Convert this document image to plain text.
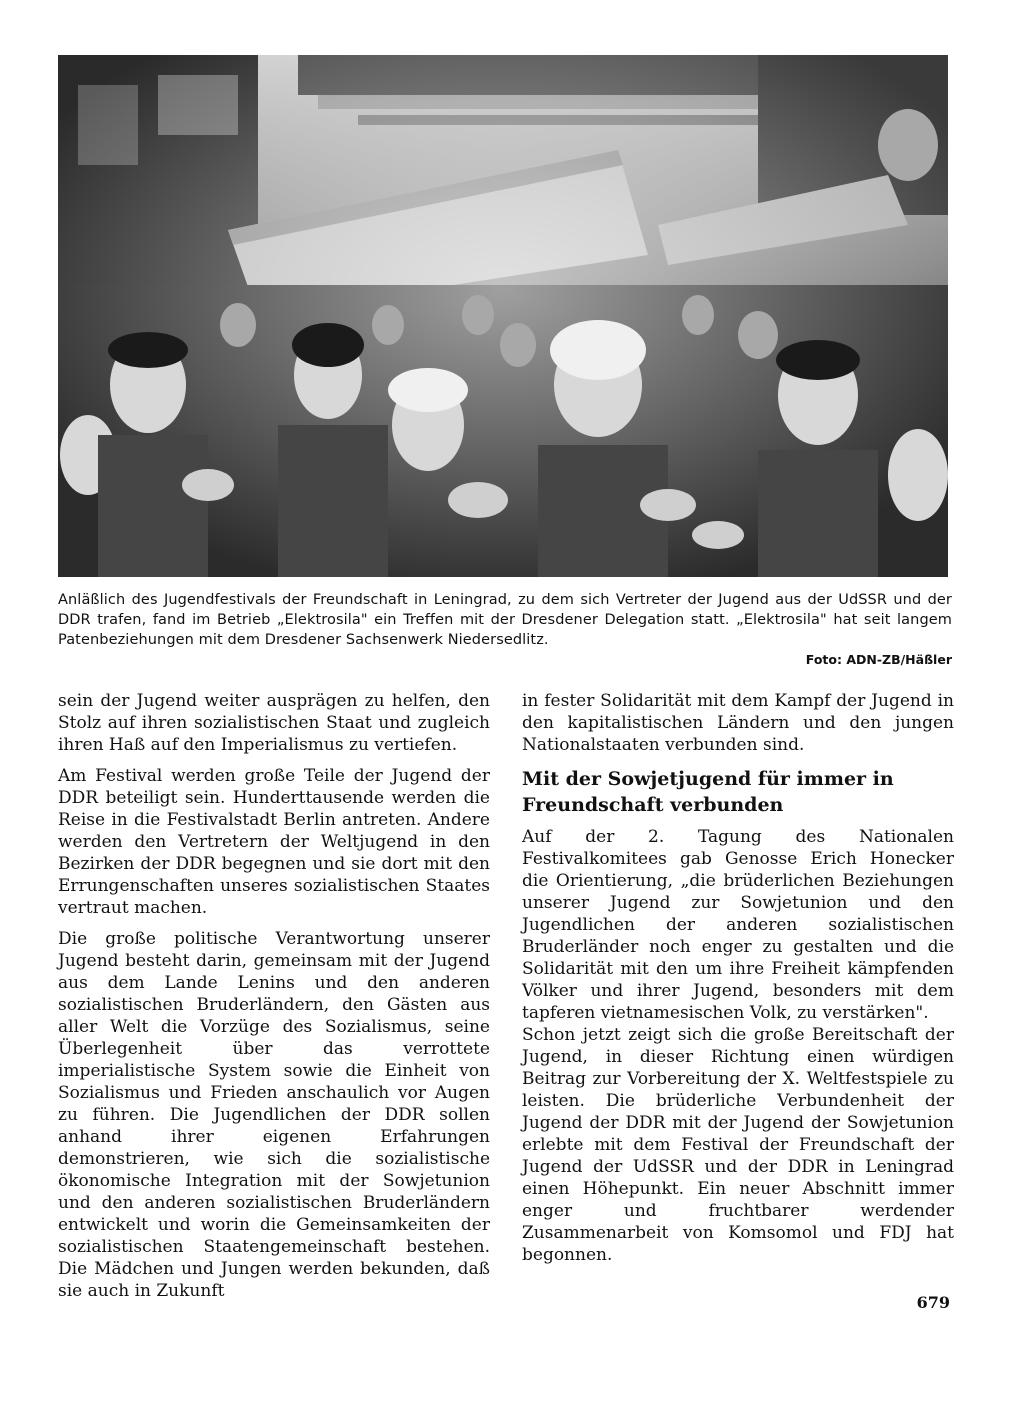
Anläßlich des Jugendfestivals der Freundschaft in Leningrad, zu dem sich Vertreter der Jugend aus der UdSSR und der DDR trafen, fand im Betrieb „Elektrosila" ein Treffen mit der Dresdener Delegation statt. „Elektrosila" hat seit langem Patenbeziehungen mit dem Dresdener Sachsenwerk Niedersedlitz.
Foto: ADN-ZB/Häßler

sein der Jugend weiter ausprägen zu helfen, den Stolz auf ihren sozialistischen Staat und zugleich ihren Haß auf den Imperialismus zu vertiefen.

Am Festival werden große Teile der Jugend der DDR beteiligt sein. Hunderttausende werden die Reise in die Festivalstadt Berlin antreten. Andere werden den Vertretern der Weltjugend in den Bezirken der DDR begegnen und sie dort mit den Errungenschaften unseres sozialistischen Staates vertraut machen.

Die große politische Verantwortung unserer Jugend besteht darin, gemeinsam mit der Jugend aus dem Lande Lenins und den anderen sozialistischen Bruderländern, den Gästen aus aller Welt die Vorzüge des Sozialismus, seine Überlegenheit über das verrottete imperialistische System sowie die Einheit von Sozialismus und Frieden anschaulich vor Augen zu führen. Die Jugendlichen der DDR sollen anhand ihrer eigenen Erfahrungen demonstrieren, wie sich die sozialistische ökonomische Integration mit der Sowjetunion und den anderen sozialistischen Bruderländern entwickelt und worin die Gemeinsamkeiten der sozialistischen Staatengemeinschaft bestehen. Die Mädchen und Jungen werden bekunden, daß sie auch in Zukunft

in fester Solidarität mit dem Kampf der Jugend in den kapitalistischen Ländern und den jungen Nationalstaaten verbunden sind.

Mit der Sowjetjugend für immer in Freundschaft verbunden

Auf der 2. Tagung des Nationalen Festivalkomitees gab Genosse Erich Honecker die Orientierung, „die brüderlichen Beziehungen unserer Jugend zur Sowjetunion und den Jugendlichen der anderen sozialistischen Bruderländer noch enger zu gestalten und die Solidarität mit den um ihre Freiheit kämpfenden Völker und ihrer Jugend, besonders mit dem tapferen vietnamesischen Volk, zu verstärken".

Schon jetzt zeigt sich die große Bereitschaft der Jugend, in dieser Richtung einen würdigen Beitrag zur Vorbereitung der X. Weltfestspiele zu leisten. Die brüderliche Verbundenheit der Jugend der DDR mit der Jugend der Sowjetunion erlebte mit dem Festival der Freundschaft der Jugend der UdSSR und der DDR in Leningrad einen Höhepunkt. Ein neuer Abschnitt immer enger und fruchtbarer werdender Zusammenarbeit von Komsomol und FDJ hat begonnen.

679
